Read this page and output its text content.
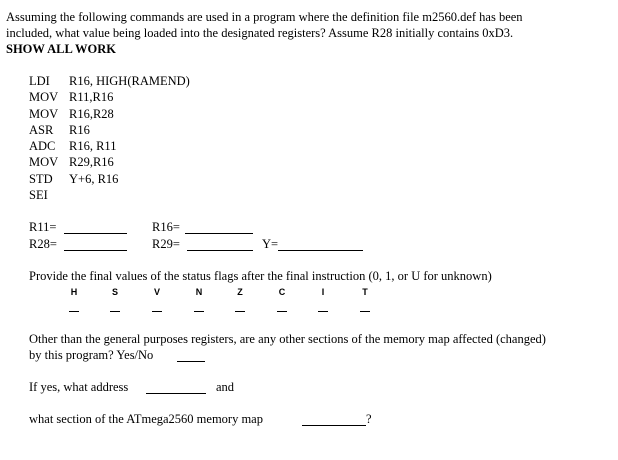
Assuming the following commands are used in a program where the definition file m2560.def has been
included, what value being loaded into the designated registers? Assume R28 initially contains 0xD3.
SHOW ALL WORK
LDI R16, HIGH(RAMEND)
MOV R11,R16
MOV R16,R28
ASR R16
ADC R16, R11
MOV R29,R16
STD Y+6, R16
SEI
R11=	R16=
R28=	R29=	Y=
Provide the final values of the status flags after the final instruction (0, 1, or U for unknown)
H	S	V	N	Z	C	I	T
Other than the general purposes registers, are any other sections of the memory map affected (changed)
by this program? Yes/No
If yes, what address	and
what section of the ATmega2560 memory map	?
